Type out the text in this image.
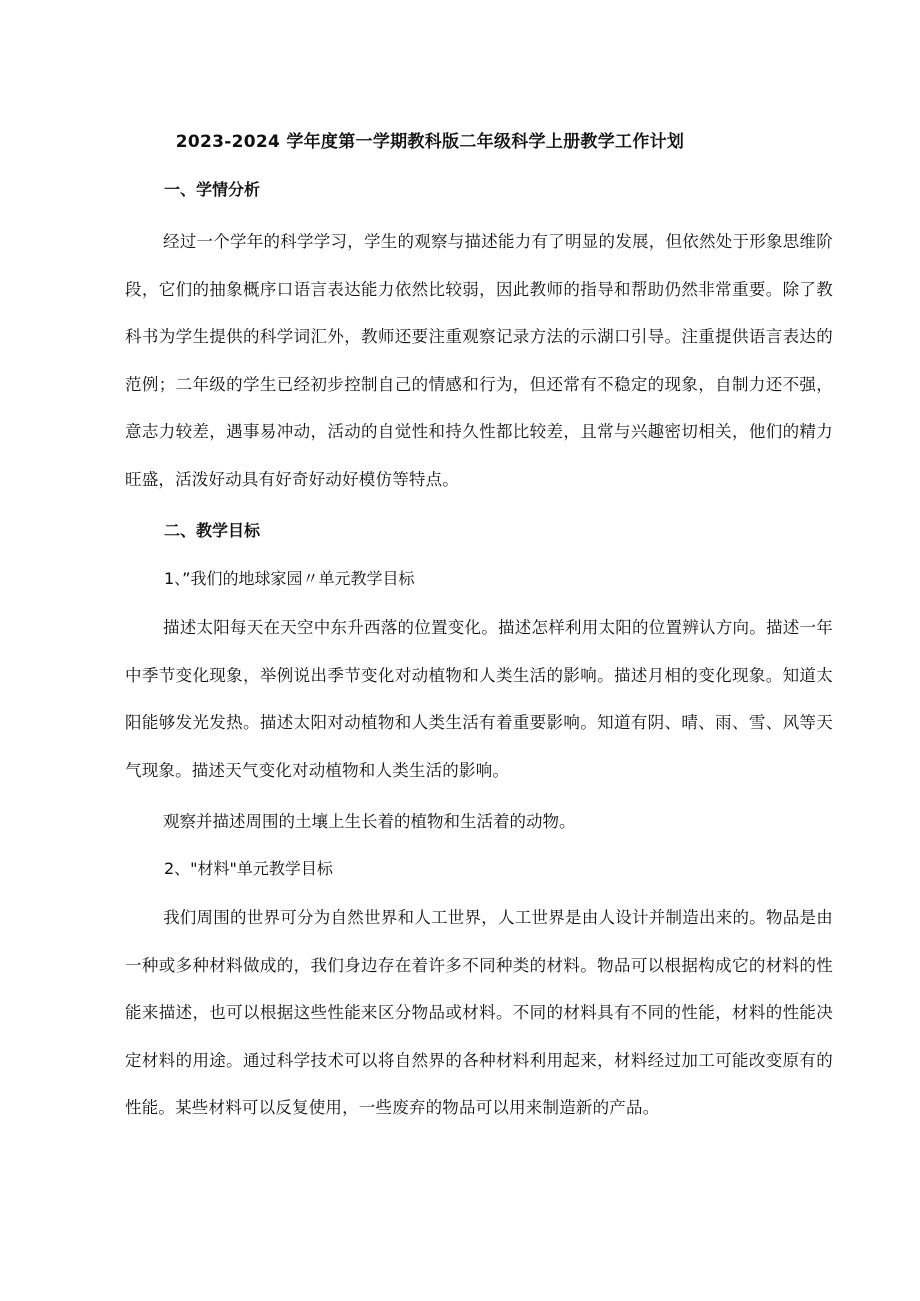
2023-2024 学年度第一学期教科版二年级科学上册教学工作计划
一、学情分析
经过一个学年的科学学习，学生的观察与描述能力有了明显的发展，但依然处于形象思维阶段，它们的抽象概序口语言表达能力依然比较弱，因此教师的指导和帮助仍然非常重要。除了教科书为学生提供的科学词汇外，教师还要注重观察记录方法的示湖口引导。注重提供语言表达的范例；二年级的学生已经初步控制自己的情感和行为，但还常有不稳定的现象，自制力还不强，意志力较差，遇事易冲动，活动的自觉性和持久性都比较差，且常与兴趣密切相关，他们的精力旺盛，活泼好动具有好奇好动好模仿等特点。
二、教学目标
1、”我们的地球家园〃单元教学目标
描述太阳每天在天空中东升西落的位置变化。描述怎样利用太阳的位置辨认方向。描述一年中季节变化现象，举例说出季节变化对动植物和人类生活的影响。描述月相的变化现象。知道太阳能够发光发热。描述太阳对动植物和人类生活有着重要影响。知道有阴、晴、雨、雪、风等天气现象。描述天气变化对动植物和人类生活的影响。
观察并描述周围的土壤上生长着的植物和生活着的动物。
2、"材料"单元教学目标
我们周围的世界可分为自然世界和人工世界，人工世界是由人设计并制造出来的。物品是由一种或多种材料做成的，我们身边存在着许多不同种类的材料。物品可以根据构成它的材料的性能来描述，也可以根据这些性能来区分物品或材料。不同的材料具有不同的性能，材料的性能决定材料的用途。通过科学技术可以将自然界的各种材料利用起来，材料经过加工可能改变原有的性能。某些材料可以反复使用，一些废弃的物品可以用来制造新的产品。
